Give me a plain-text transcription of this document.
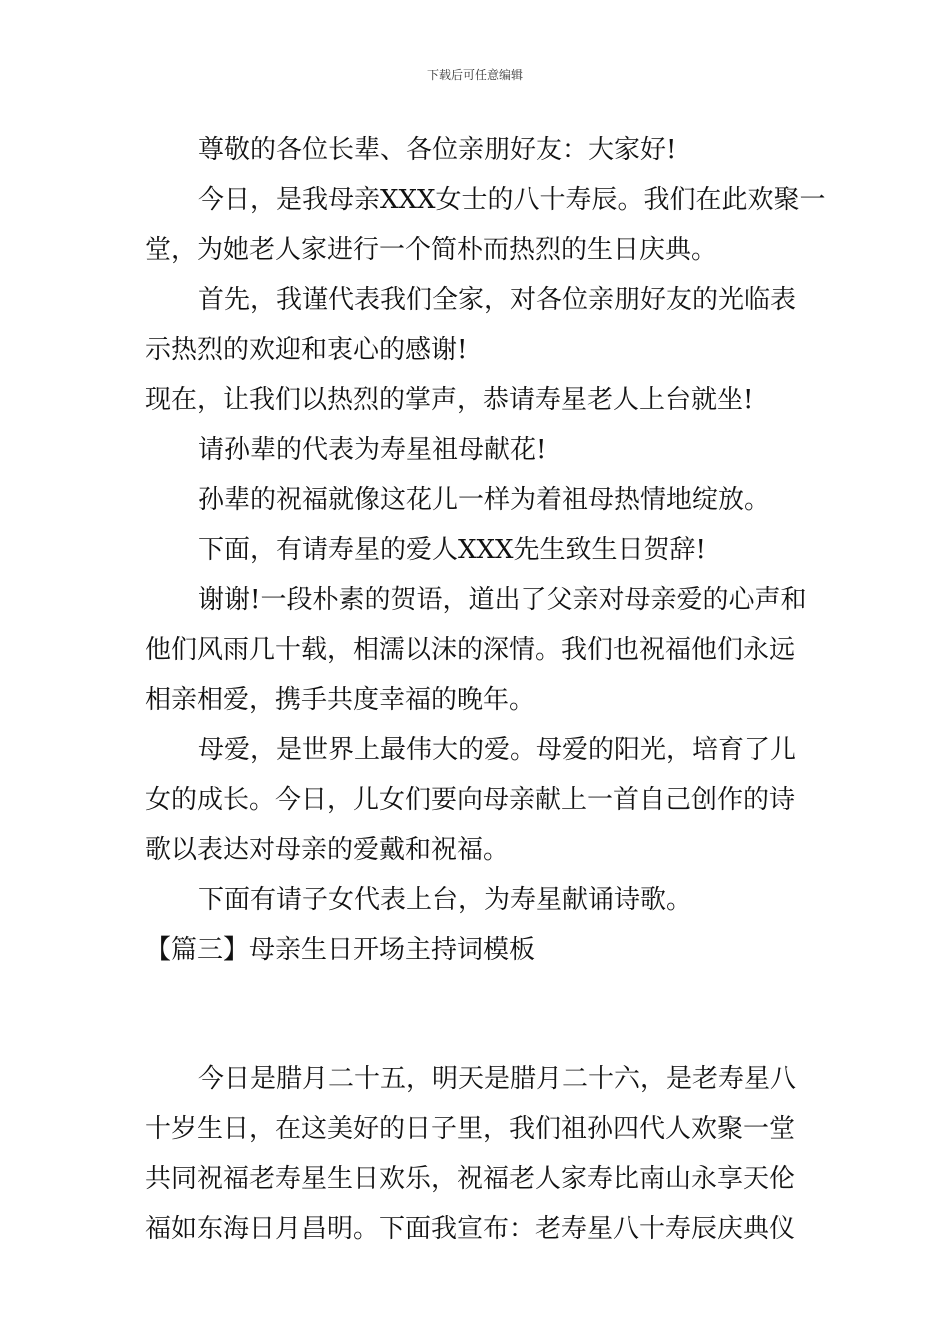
下载后可任意编辑
尊敬的各位长辈、各位亲朋好友：大家好!
今日，是我母亲XXX女士的八十寿辰。我们在此欢聚一
堂，为她老人家进行一个简朴而热烈的生日庆典。
首先，我谨代表我们全家，对各位亲朋好友的光临表
示热烈的欢迎和衷心的感谢!
现在，让我们以热烈的掌声，恭请寿星老人上台就坐!
请孙辈的代表为寿星祖母献花!
孙辈的祝福就像这花儿一样为着祖母热情地绽放。
下面，有请寿星的爱人XXX先生致生日贺辞!
谢谢!一段朴素的贺语，道出了父亲对母亲爱的心声和
他们风雨几十载，相濡以沫的深情。我们也祝福他们永远
相亲相爱，携手共度幸福的晚年。
母爱，是世界上最伟大的爱。母爱的阳光，培育了儿
女的成长。今日，儿女们要向母亲献上一首自己创作的诗
歌以表达对母亲的爱戴和祝福。
下面有请子女代表上台，为寿星献诵诗歌。
【篇三】母亲生日开场主持词模板
今日是腊月二十五，明天是腊月二十六，是老寿星八
十岁生日，在这美好的日子里，我们祖孙四代人欢聚一堂
共同祝福老寿星生日欢乐，祝福老人家寿比南山永享天伦
福如东海日月昌明。下面我宣布：老寿星八十寿辰庆典仪
